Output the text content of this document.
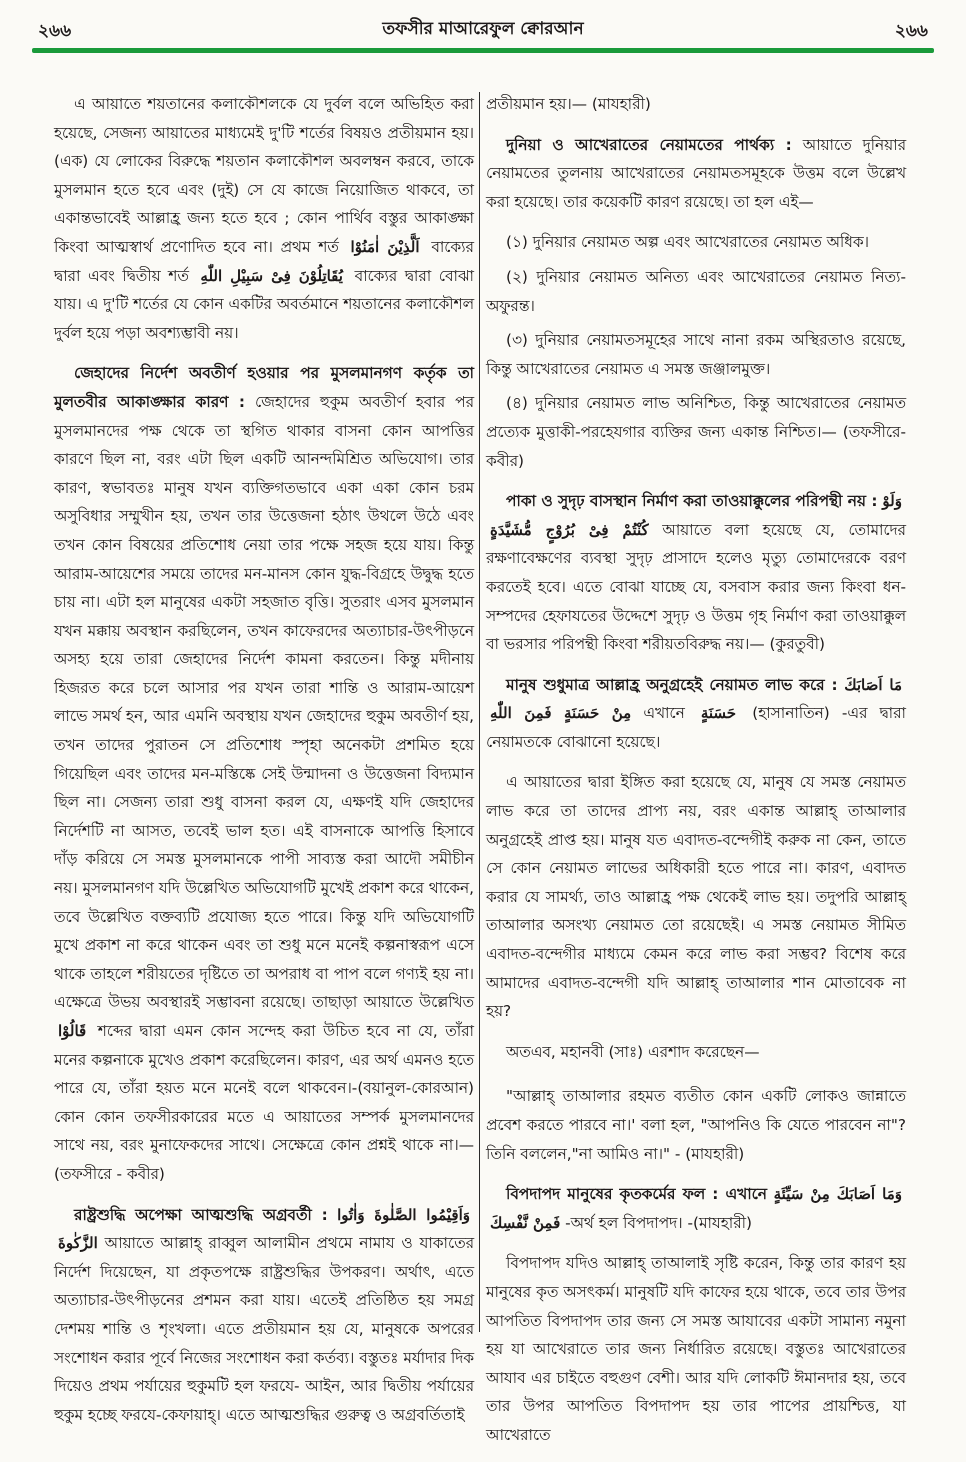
২৬৬	তফসীর মাআরেফুল ক্বোরআন	২৬৬

এ আয়াতে শয়তানের কলাকৌশলকে যে দুর্বল বলে অভিহিত করা হয়েছে, সেজন্য আয়াতের মাধ্যমেই দু'টি শর্তের বিষয়ও প্রতীয়মান হয়। (এক) যে লোকের বিরুদ্ধে শয়তান কলাকৌশল অবলম্বন করবে, তাকে মুসলমান হতে হবে এবং (দুই) সে যে কাজে নিয়োজিত থাকবে, তা একান্তভাবেই আল্লাহ্র জন্য হতে হবে ; কোন পার্থিব বস্তুর আকাঙ্ক্ষা কিংবা আত্মস্বার্থ প্রণোদিত হবে না। প্রথম শর্ত اَلَّذِيْنَ اٰمَنُوْا বাক্যের দ্বারা এবং দ্বিতীয় শর্ত يُقَاتِلُوْنَ فِىْ سَبِيْلِ اللّٰهِ বাক্যের দ্বারা বোঝা যায়। এ দু'টি শর্তের যে কোন একটির অবর্তমানে শয়তানের কলাকৌশল দুর্বল হয়ে পড়া অবশ্যম্ভাবী নয়।

জেহাদের নির্দেশ অবতীর্ণ হওয়ার পর মুসলমানগণ কর্তৃক তা মুলতবীর আকাঙ্ক্ষার কারণ : জেহাদের হুকুম অবতীর্ণ হবার পর মুসলমানদের পক্ষ থেকে তা স্থগিত থাকার বাসনা কোন আপত্তির কারণে ছিল না, বরং এটা ছিল একটি আনন্দমিশ্রিত অভিযোগ। তার কারণ, স্বভাবতঃ মানুষ যখন ব্যক্তিগতভাবে একা একা কোন চরম অসুবিধার সম্মুখীন হয়, তখন তার উত্তেজনা হঠাৎ উথলে উঠে এবং তখন কোন বিষয়ের প্রতিশোধ নেয়া তার পক্ষে সহজ হয়ে যায়। কিন্তু আরাম-আয়েশের সময়ে তাদের মন-মানস কোন যুদ্ধ-বিগ্রহে উদ্বুদ্ধ হতে চায় না। এটা হল মানুষের একটা সহজাত বৃত্তি। সুতরাং এসব মুসলমান যখন মক্কায় অবস্থান করছিলেন, তখন কাফেরদের অত্যাচার-উৎপীড়নে অসহ্য হয়ে তারা জেহাদের নির্দেশ কামনা করতেন। কিন্তু মদীনায় হিজরত করে চলে আসার পর যখন তারা শান্তি ও আরাম-আয়েশ লাভে সমর্থ হন, আর এমনি অবস্থায় যখন জেহাদের হুকুম অবতীর্ণ হয়, তখন তাদের পুরাতন সে প্রতিশোধ স্পৃহা অনেকটা প্রশমিত হয়ে গিয়েছিল এবং তাদের মন-মস্তিষ্কে সেই উন্মাদনা ও উত্তেজনা বিদ্যমান ছিল না। সেজন্য তারা শুধু বাসনা করল যে, এক্ষণই যদি জেহাদের নির্দেশটি না আসত, তবেই ভাল হত। এই বাসনাকে আপত্তি হিসাবে দাঁড় করিয়ে সে সমস্ত মুসলমানকে পাপী সাব্যস্ত করা আদৌ সমীচীন নয়। মুসলমানগণ যদি উল্লেখিত অভিযোগটি মুখেই প্রকাশ করে থাকেন, তবে উল্লেখিত বক্তব্যটি প্রযোজ্য হতে পারে। কিন্তু যদি অভিযোগটি মুখে প্রকাশ না করে থাকেন এবং তা শুধু মনে মনেই কল্পনাস্বরূপ এসে থাকে তাহলে শরীয়তের দৃষ্টিতে তা অপরাধ বা পাপ বলে গণ্যই হয় না। এক্ষেত্রে উভয় অবস্থারই সম্ভাবনা রয়েছে। তাছাড়া আয়াতে উল্লেখিত قَالُوْا শব্দের দ্বারা এমন কোন সন্দেহ করা উচিত হবে না যে, তাঁরা মনের কল্পনাকে মুখেও প্রকাশ করেছিলেন। কারণ, এর অর্থ এমনও হতে পারে যে, তাঁরা হয়ত মনে মনেই বলে থাকবেন।-(বয়ানুল-কোরআন) কোন কোন তফসীরকারের মতে এ আয়াতের সম্পর্ক মুসলমানদের সাথে নয়, বরং মুনাফেকদের সাথে। সেক্ষেত্রে কোন প্রশ্নই থাকে না।— (তফসীরে - কবীর)

রাষ্ট্রশুদ্ধি অপেক্ষা আত্মশুদ্ধি অগ্রবর্তী : وَاَقِيْمُوا الصَّلٰوةَ وَاٰتُوا الزَّكٰوةَ আয়াতে আল্লাহ্ রাব্বুল আলামীন প্রথমে নামায ও যাকাতের নির্দেশ দিয়েছেন, যা প্রকৃতপক্ষে রাষ্ট্রশুদ্ধির উপকরণ। অর্থাৎ, এতে অত্যাচার-উৎপীড়নের প্রশমন করা যায়। এতেই প্রতিষ্ঠিত হয় সমগ্র দেশময় শান্তি ও শৃংখলা। এতে প্রতীয়মান হয় যে, মানুষকে অপরের সংশোধন করার পূর্বে নিজের সংশোধন করা কর্তব্য। বস্তুতঃ মর্যাদার দিক দিয়েও প্রথম পর্যায়ের হুকুমটি হল ফরযে- আইন, আর দ্বিতীয় পর্যায়ের হুকুম হচ্ছে ফরযে-কেফায়াহ্। এতে আত্মশুদ্ধির গুরুত্ব ও অগ্রবর্তিতাই

প্রতীয়মান হয়।— (মাযহারী)

দুনিয়া ও আখেরাতের নেয়ামতের পার্থক্য : আয়াতে দুনিয়ার নেয়ামতের তুলনায় আখেরাতের নেয়ামতসমূহকে উত্তম বলে উল্লেখ করা হয়েছে। তার কয়েকটি কারণ রয়েছে। তা হল এই—

(১) দুনিয়ার নেয়ামত অল্প এবং আখেরাতের নেয়ামত অধিক।

(২) দুনিয়ার নেয়ামত অনিত্য এবং আখেরাতের নেয়ামত নিত্য-অফুরন্ত।

(৩) দুনিয়ার নেয়ামতসমূহের সাথে নানা রকম অস্থিরতাও রয়েছে, কিন্তু আখেরাতের নেয়ামত এ সমস্ত জঞ্জালমুক্ত।

(৪) দুনিয়ার নেয়ামত লাভ অনিশ্চিত, কিন্তু আখেরাতের নেয়ামত প্রত্যেক মুত্তাকী-পরহেযগার ব্যক্তির জন্য একান্ত নিশ্চিত।— (তফসীরে-কবীর)

পাকা ও সুদৃঢ় বাসস্থান নির্মাণ করা তাওয়াক্কুলের পরিপন্থী নয় : وَلَوْ كُنْتُمْ فِىْ بُرُوْجٍ مُّشَيَّدَةٍ আয়াতে বলা হয়েছে যে, তোমাদের রক্ষণাবেক্ষণের ব্যবস্থা সুদৃঢ় প্রাসাদে হলেও মৃত্যু তোমাদেরকে বরণ করতেই হবে। এতে বোঝা যাচ্ছে যে, বসবাস করার জন্য কিংবা ধন-সম্পদের হেফাযতের উদ্দেশে সুদৃঢ় ও উত্তম গৃহ নির্মাণ করা তাওয়াক্কুল বা ভরসার পরিপন্থী কিংবা শরীয়তবিরুদ্ধ নয়।— (কুরতুবী)

মানুষ শুধুমাত্র আল্লাহ্র অনুগ্রহেই নেয়ামত লাভ করে : مَا اَصَابَكَ مِنْ حَسَنَةٍ فَمِنَ اللّٰهِ এখানে حَسَنَةٍ (হাসানাতিন) -এর দ্বারা নেয়ামতকে বোঝানো হয়েছে।

এ আয়াতের দ্বারা ইঙ্গিত করা হয়েছে যে, মানুষ যে সমস্ত নেয়ামত লাভ করে তা তাদের প্রাপ্য নয়, বরং একান্ত আল্লাহ্ তাআলার অনুগ্রহেই প্রাপ্ত হয়। মানুষ যত এবাদত-বন্দেগীই করুক না কেন, তাতে সে কোন নেয়ামত লাভের অধিকারী হতে পারে না। কারণ, এবাদত করার যে সামর্থ্য, তাও আল্লাহ্র পক্ষ থেকেই লাভ হয়। তদুপরি আল্লাহ্ তাআলার অসংখ্য নেয়ামত তো রয়েছেই। এ সমস্ত নেয়ামত সীমিত এবাদত-বন্দেগীর মাধ্যমে কেমন করে লাভ করা সম্ভব? বিশেষ করে আমাদের এবাদত-বন্দেগী যদি আল্লাহ্ তাআলার শান মোতাবেক না হয়?

অতএব, মহানবী (সাঃ) এরশাদ করেছেন—

"আল্লাহ্ তাআলার রহমত ব্যতীত কোন একটি লোকও জান্নাতে প্রবেশ করতে পারবে না।' বলা হল, "আপনিও কি যেতে পারবেন না"? তিনি বললেন,"না আমিও না।" - (মাযহারী)

বিপদাপদ মানুষের কৃতকর্মের ফল : এখানে وَمَا اَصَابَكَ مِنْ سَيِّئَةٍ فَمِنْ نَّفْسِكَ -অর্থ হল বিপদাপদ। -(মাযহারী)

বিপদাপদ যদিও আল্লাহ্ তাআলাই সৃষ্টি করেন, কিন্তু তার কারণ হয় মানুষের কৃত অসৎকর্ম। মানুষটি যদি কাফের হয়ে থাকে, তবে তার উপর আপতিত বিপদাপদ তার জন্য সে সমস্ত আযাবের একটা সামান্য নমুনা হয় যা আখেরাতে তার জন্য নির্ধারিত রয়েছে। বস্তুতঃ আখেরাতের আযাব এর চাইতে বহুগুণ বেশী। আর যদি লোকটি ঈমানদার হয়, তবে তার উপর আপতিত বিপদাপদ হয় তার পাপের প্রায়শ্চিত্ত, যা আখেরাতে
